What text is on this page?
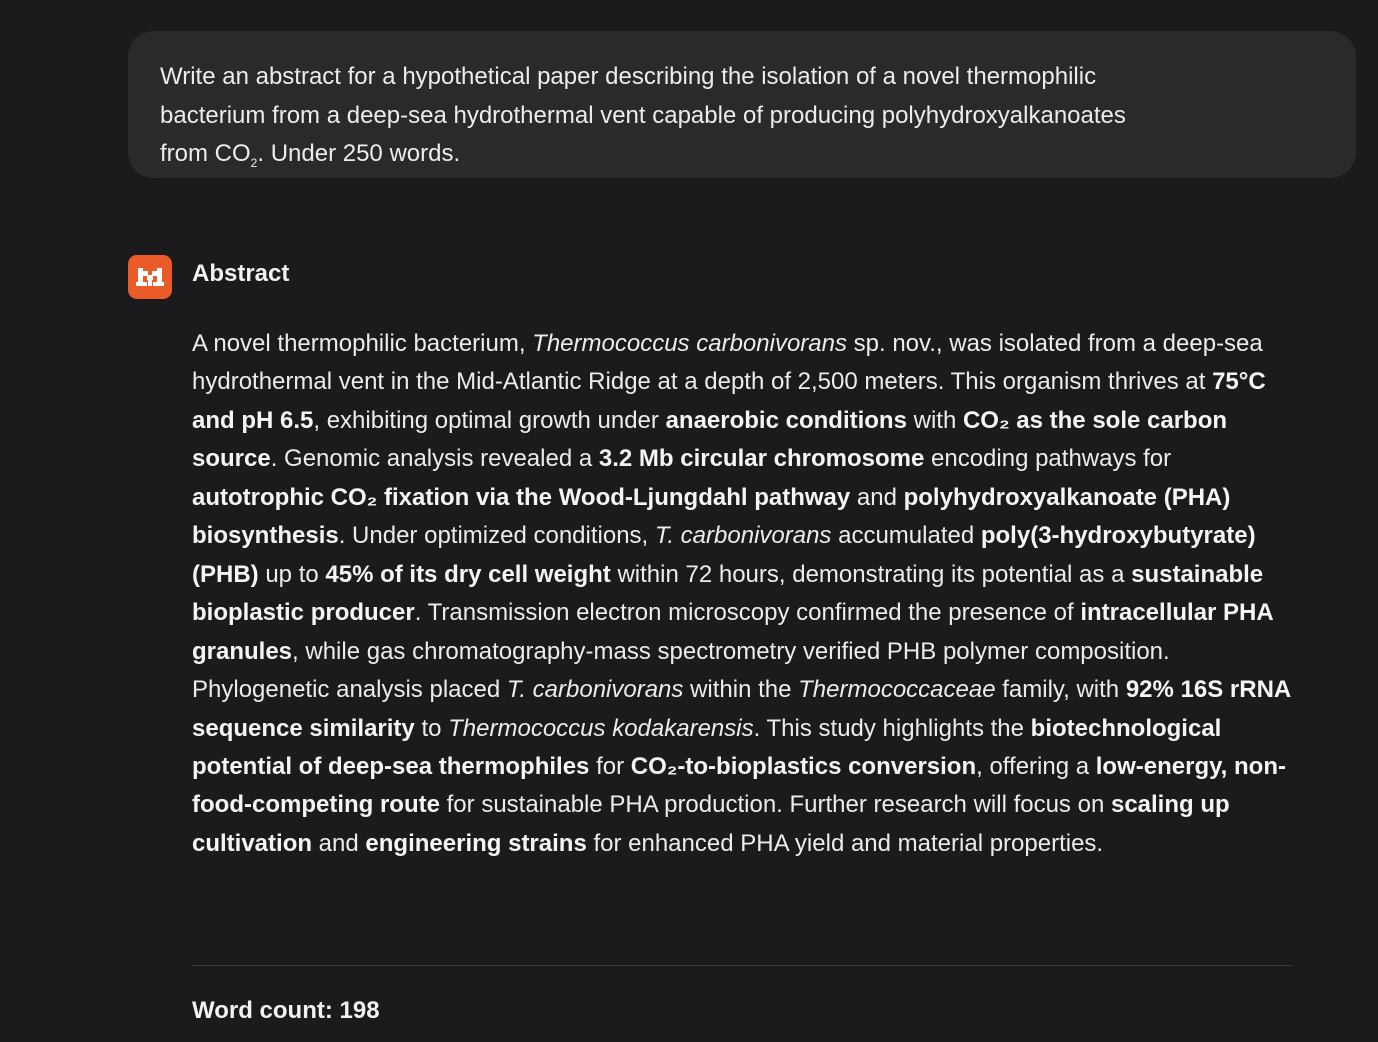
Write an abstract for a hypothetical paper describing the isolation of a novel thermophilic
bacterium from a deep-sea hydrothermal vent capable of producing polyhydroxyalkanoates
from $CO_2$. Under 250 words.
Abstract
A novel thermophilic bacterium, Thermococcus carbonivorans sp. nov., was isolated from a deep-sea hydrothermal vent in the Mid-Atlantic Ridge at a depth of 2,500 meters. This organism thrives at 75°C and pH 6.5, exhibiting optimal growth under anaerobic conditions with CO₂ as the sole carbon source. Genomic analysis revealed a 3.2 Mb circular chromosome encoding pathways for autotrophic CO₂ fixation via the Wood-Ljungdahl pathway and polyhydroxyalkanoate (PHA) biosynthesis. Under optimized conditions, T. carbonivorans accumulated poly(3-hydroxybutyrate) (PHB) up to 45% of its dry cell weight within 72 hours, demonstrating its potential as a sustainable bioplastic producer. Transmission electron microscopy confirmed the presence of intracellular PHA granules, while gas chromatography-mass spectrometry verified PHB polymer composition. Phylogenetic analysis placed T. carbonivorans within the Thermococcaceae family, with 92% 16S rRNA sequence similarity to Thermococcus kodakarensis. This study highlights the biotechnological potential of deep-sea thermophiles for CO₂-to-bioplastics conversion, offering a low-energy, non-food-competing route for sustainable PHA production. Further research will focus on scaling up cultivation and engineering strains for enhanced PHA yield and material properties.
Word count: 198
